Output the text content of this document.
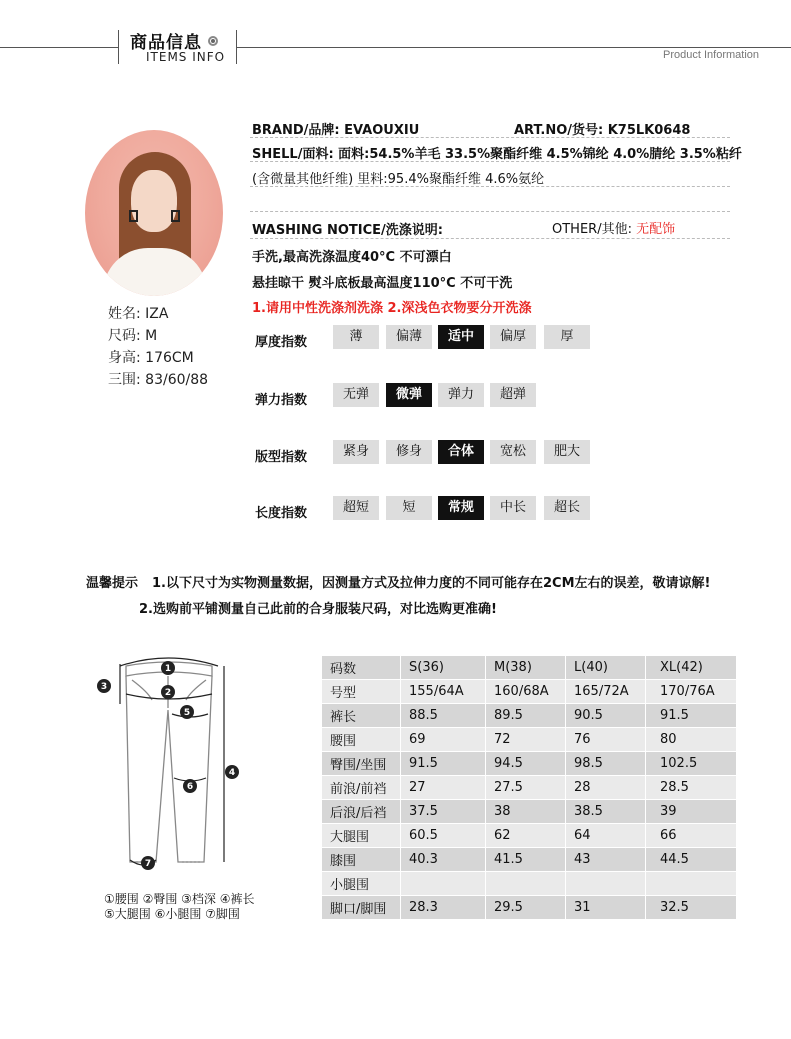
商品信息
ITEMS INFO	Product Information
姓名: IZA
尺码: M
身高: 176CM
三围: 83/60/88
BRAND/品牌: EVAOUXIU	ART.NO/货号: K75LK0648
SHELL/面料: 面料:54.5%羊毛 33.5%聚酯纤维 4.5%锦纶 4.0%腈纶 3.5%粘纤
(含微量其他纤维) 里料:95.4%聚酯纤维 4.6%氨纶
WASHING NOTICE/洗涤说明:	OTHER/其他: 无配饰
手洗,最高洗涤温度40°C 不可漂白
悬挂晾干 熨斗底板最高温度110°C 不可干洗
1.请用中性洗涤剂洗涤 2.深浅色衣物要分开洗涤
厚度指数	薄	偏薄	适中	偏厚	厚
弹力指数	无弹	微弹	弹力	超弹
版型指数	紧身	修身	合体	宽松	肥大
长度指数	超短	短	常规	中长	超长
温馨提示 1.以下尺寸为实物测量数据，因测量方式及拉伸力度的不同可能存在2CM左右的误差，敬请谅解!
2.选购前平铺测量自己此前的合身服装尺码，对比选购更准确!
1
2
3
4
5
6
7
①腰围 ②臀围 ③档深 ④裤长
⑤大腿围 ⑥小腿围 ⑦脚围
码数	S(36)	M(38)	L(40)	XL(42)
号型	155/64A	160/68A	165/72A	170/76A
裤长	88.5	89.5	90.5	91.5
腰围	69	72	76	80
臀围/坐围	91.5	94.5	98.5	102.5
前浪/前裆	27	27.5	28	28.5
后浪/后裆	37.5	38	38.5	39
大腿围	60.5	62	64	66
膝围	40.3	41.5	43	44.5
小腿围				
脚口/脚围	28.3	29.5	31	32.5
